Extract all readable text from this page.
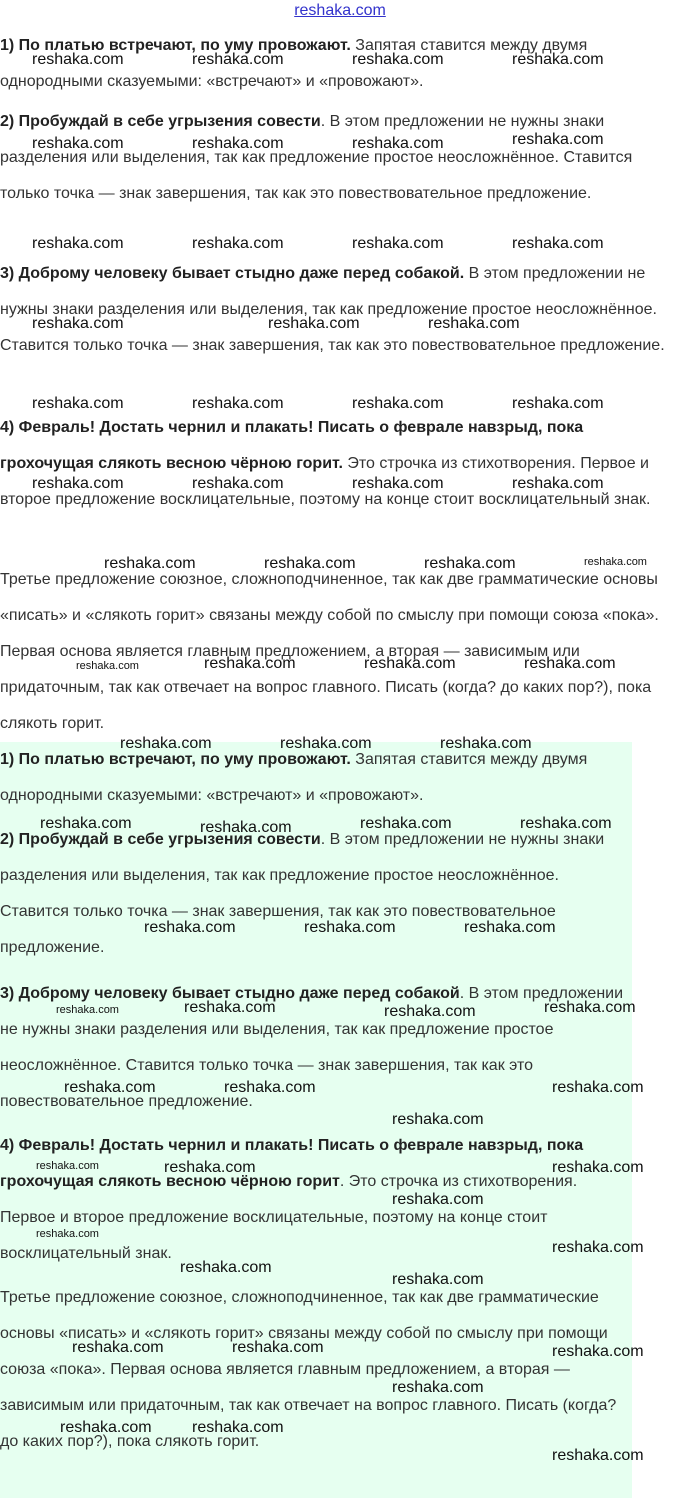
reshaka.com

1) По платью встречают, по уму провожают. Запятая ставится между двумя однородными сказуемыми: «встречают» и «провожают».

2) Пробуждай в себе угрызения совести. В этом предложении не нужны знаки разделения или выделения, так как предложение простое неосложнённое. Ставится только точка — знак завершения, так как это повествовательное предложение.

3) Доброму человеку бывает стыдно даже перед собакой. В этом предложении не нужны знаки разделения или выделения, так как предложение простое неосложнённое. Ставится только точка — знак завершения, так как это повествовательное предложение.

4) Февраль! Достать чернил и плакать! Писать о феврале навзрыд, пока грохочущая слякоть весною чёрною горит. Это строчка из стихотворения. Первое и второе предложение восклицательные, поэтому на конце стоит восклицательный знак.

Третье предложение союзное, сложноподчиненное, так как две грамматические основы «писать» и «слякоть горит» связаны между собой по смыслу при помощи союза «пока». Первая основа является главным предложением, а вторая — зависимым или придаточным, так как отвечает на вопрос главного. Писать (когда? до каких пор?), пока слякоть горит.

1) По платью встречают, по уму провожают. Запятая ставится между двумя однородными сказуемыми: «встречают» и «провожают».

2) Пробуждай в себе угрызения совести. В этом предложении не нужны знаки разделения или выделения, так как предложение простое неосложнённое. Ставится только точка — знак завершения, так как это повествовательное предложение.

3) Доброму человеку бывает стыдно даже перед собакой. В этом предложении не нужны знаки разделения или выделения, так как предложение простое неосложнённое. Ставится только точка — знак завершения, так как это повествовательное предложение.

4) Февраль! Достать чернил и плакать! Писать о феврале навзрыд, пока грохочущая слякоть весною чёрною горит. Это строчка из стихотворения. Первое и второе предложение восклицательные, поэтому на конце стоит восклицательный знак.

Третье предложение союзное, сложноподчиненное, так как две грамматические основы «писать» и «слякоть горит» связаны между собой по смыслу при помощи союза «пока». Первая основа является главным предложением, а вторая — зависимым или придаточным, так как отвечает на вопрос главного. Писать (когда? до каких пор?), пока слякоть горит.

reshaka.com	reshaka.com	reshaka.com	reshaka.com
reshaka.com	reshaka.com	reshaka.com	reshaka.com
reshaka.com	reshaka.com	reshaka.com	reshaka.com
reshaka.com	reshaka.com	reshaka.com
reshaka.com	reshaka.com	reshaka.com	reshaka.com
reshaka.com	reshaka.com	reshaka.com	reshaka.com
reshaka.com	reshaka.com	reshaka.com	reshaka.com
reshaka.com	reshaka.com	reshaka.com	reshaka.com
reshaka.com	reshaka.com	reshaka.com
reshaka.com	reshaka.com	reshaka.com	reshaka.com
reshaka.com	reshaka.com	reshaka.com
reshaka.com	reshaka.com	reshaka.com	reshaka.com
reshaka.com	reshaka.com	reshaka.com
reshaka.com
reshaka.com	reshaka.com	reshaka.com
reshaka.com
reshaka.com
reshaka.com
reshaka.com
reshaka.com
reshaka.com	reshaka.com	reshaka.com
reshaka.com
reshaka.com	reshaka.com
reshaka.com
